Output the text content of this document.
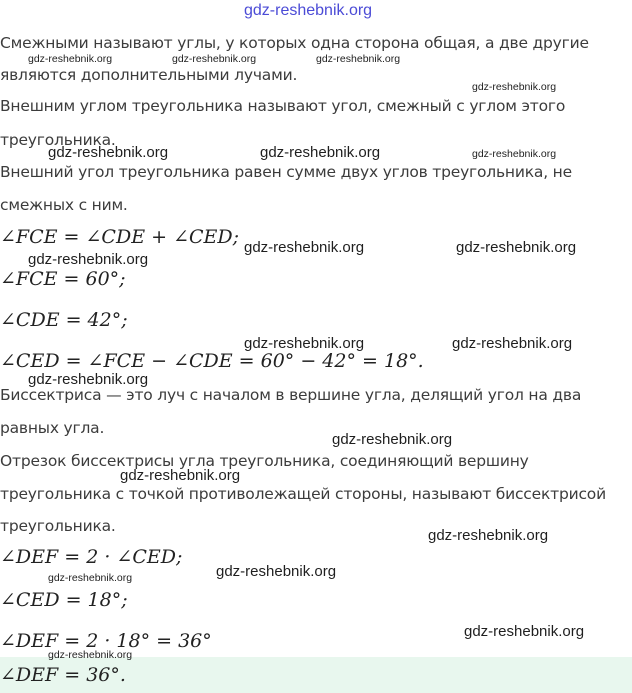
gdz-reshebnik.org
Смежными называют углы, у которых одна сторона общая, а две другие
являются дополнительными лучами.
Внешним углом треугольника называют угол, смежный с углом этого
треугольника.
Внешний угол треугольника равен сумме двух углов треугольника, не
смежных с ним.
∠FCE = ∠CDE + ∠CED;
∠FCE = 60°;
∠CDE = 42°;
∠CED = ∠FCE − ∠CDE = 60° − 42° = 18°.
Биссектриса — это луч с началом в вершине угла, делящий угол на два
равных угла.
Отрезок биссектрисы угла треугольника, соединяющий вершину
треугольника с точкой противолежащей стороны, называют биссектрисой
треугольника.
∠DEF = 2 · ∠CED;
∠CED = 18°;
∠DEF = 2 · 18° = 36°
∠DEF = 36°.
gdz-reshebnik.org	gdz-reshebnik.org	gdz-reshebnik.org
gdz-reshebnik.org
gdz-reshebnik.org	gdz-reshebnik.org	gdz-reshebnik.org
gdz-reshebnik.org	gdz-reshebnik.org
gdz-reshebnik.org
gdz-reshebnik.org	gdz-reshebnik.org
gdz-reshebnik.org
gdz-reshebnik.org
gdz-reshebnik.org
gdz-reshebnik.org
gdz-reshebnik.org
gdz-reshebnik.org
gdz-reshebnik.org
gdz-reshebnik.org
